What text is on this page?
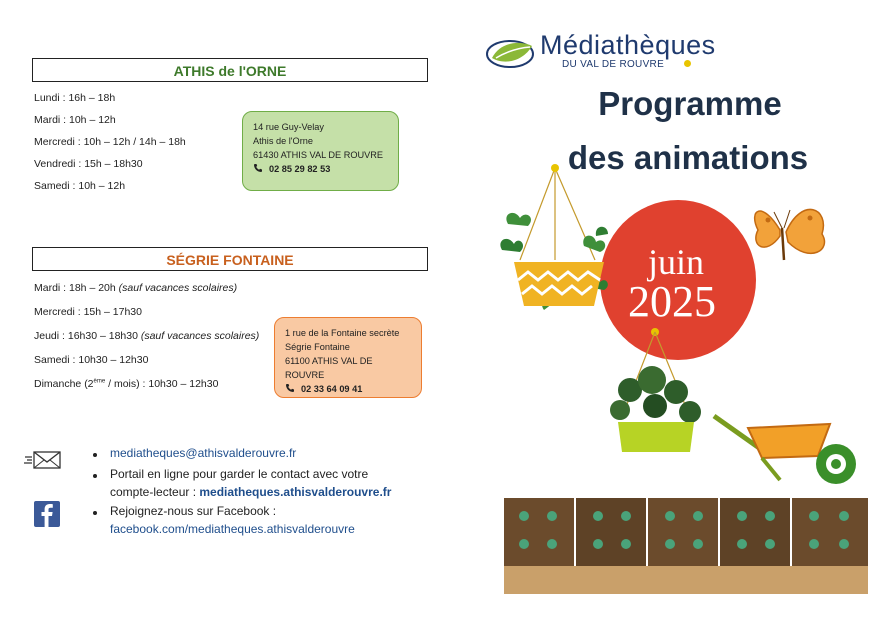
ATHIS de l'ORNE
Lundi : 16h – 18h
Mardi : 10h – 12h
Mercredi : 10h – 12h / 14h – 18h
Vendredi : 15h – 18h30
Samedi : 10h – 12h
14 rue Guy-Velay
Athis de l'Orne
61430 ATHIS VAL DE ROUVRE
02 85 29 82 53
SÉGRIE FONTAINE
Mardi : 18h – 20h (sauf vacances scolaires)
Mercredi : 15h – 17h30
Jeudi : 16h30 – 18h30 (sauf vacances scolaires)
Samedi : 10h30 – 12h30
Dimanche (2ème / mois) : 10h30 – 12h30
1 rue de la Fontaine secrète
Ségrie Fontaine
61100 ATHIS VAL DE ROUVRE
02 33 64 09 41
mediatheques@athisvalderouvre.fr
Portail en ligne pour garder le contact avec votre
compte-lecteur : mediatheques.athisvalderouvre.fr
Rejoignez-nous sur Facebook :
facebook.com/mediatheques.athisvalderouvre
Médiathèques
DU VAL DE ROUVRE
Programme
des animations
juin
2025
